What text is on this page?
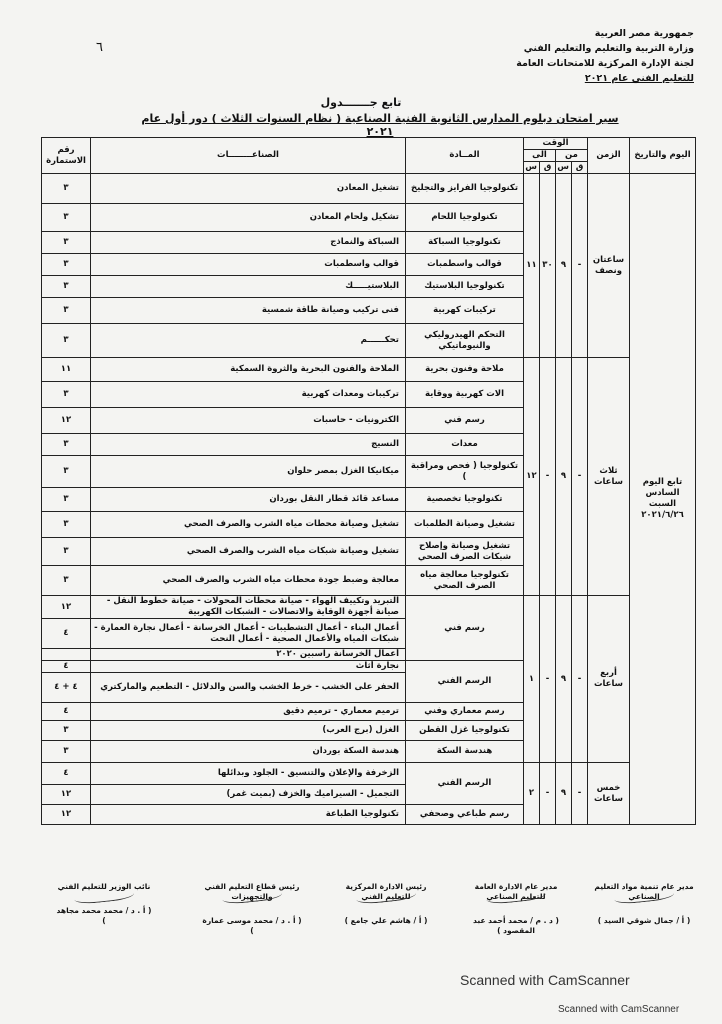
٦
جمهورية مصر العربية
وزارة التربية والتعليم والتعليم الفني
لجنة الإدارة المركزية للامتحانات العامة
للتعليم الفني عام ٢٠٢١
تابع جـــــــدول
سير امتحان دبلوم المدارس الثانوية الفنية الصناعية ( نظام السنوات الثلاث ) دور أول عام ٢٠٢١
اليوم والتاريخ	الزمن	الوقت				المــادة	الصناعــــــــات	رقم الاستمارة
		من		الى				
		ق	س	ق	س			
تابع اليوم السادس السبت ٢٠٢١/٦/٢٦	ساعتان ونصف	-	٩	٣٠	١١	تكنولوجيا الفرايز والتجليخ	تشغيل المعادن	٣
						تكنولوجيا اللحام	تشكيل ولحام المعادن	٣
						تكنولوجيا السباكة	السباكة والنماذج	٣
						قوالب واسطمبات	قوالب واسطمبات	٣
						تكنولوجيا البلاستيك	البلاستيـــــك	٣
						تركيبات كهربية	فنى تركيب وصيانة طاقة شمسية	٣
						التحكم الهيدروليكي والنيوماتيكي	تحكــــــم	٣
	ثلاث ساعات	-	٩	-	١٢	ملاحة وفنون بحرية	الملاحة والفنون البحرية والثروة السمكية	١١
						الات كهربية ووقاية	تركيبات ومعدات كهربية	٣
						رسم فني	الكترونيات - حاسبات	١٢
						معدات	النسيج	٣
						تكنولوجيا ( فحص ومراقبة )	ميكانيكا الغزل بمصر حلوان	٣
						تكنولوجيا تخصصية	مساعد قائد قطار النقل بوردان	٣
						تشغيل وصيانة الطلمبات	تشغيل وصيانة محطات مياه الشرب والصرف الصحي	٣
						تشغيل وصيانة وإصلاح شبكات الصرف الصحي	تشغيل وصيانة شبكات مياه الشرب والصرف الصحي	٣
						تكنولوجيا معالجة مياه الصرف الصحي	معالجة وضبط جودة محطات مياه الشرب والصرف الصحي	٣
	أربع ساعات	-	٩	-	١	رسم فني	التبريد وتكييف الهواء - صيانة محطات المحولات - صيانة خطوط النقل - صيانة أجهزة الوقاية والاتصالات - الشبكات الكهربية	١٢
							أعمال البناء - أعمال التشطيبات - أعمال الخرسانة - أعمال نجارة العمارة - شبكات المياه والأعمال الصحية - أعمال النحت	٤
							أعمال الخرسانة راسبين ٢٠٢٠	
						الرسم الفني	نجارة أثاث	٤
							الحفر على الخشب - خرط الخشب والسن والدلائل - التطعيم والماركتري	٤ + ٤
						رسم معماري وفني	ترميم معماري - ترميم دقيق	٤
						تكنولوجيا غزل القطن	الغزل (برج العرب)	٣
						هندسة السكة	هندسة السكة بوردان	٣
	خمس ساعات	-	٩	-	٢	الرسم الفني	الزخرفة والإعلان والتنسيق - الجلود وبدائلها	٤
							التجميل - السيراميك والخزف (بميت غمر)	١٢
						رسم طباعي وصحفي	تكنولوجيا الطباعة	١٢
مدير عام تنمية مواد التعليم الصناعي
( أ / جمال شوقي السيد )
مدير عام الادارة العامة للتعليم الصناعي
( د . م / محمد أحمد عبد المقصود )
رئيس الادارة المركزية للتعليم الفني
( أ / هاشم علي جامع )
رئيس قطاع التعليم الفني والتجهيزات
( أ . د / محمد موسى عمارة )
نائب الوزير للتعليم الفني
( أ . د / محمد محمد مجاهد )
Scanned with CamScanner
Scanned with CamScanner
